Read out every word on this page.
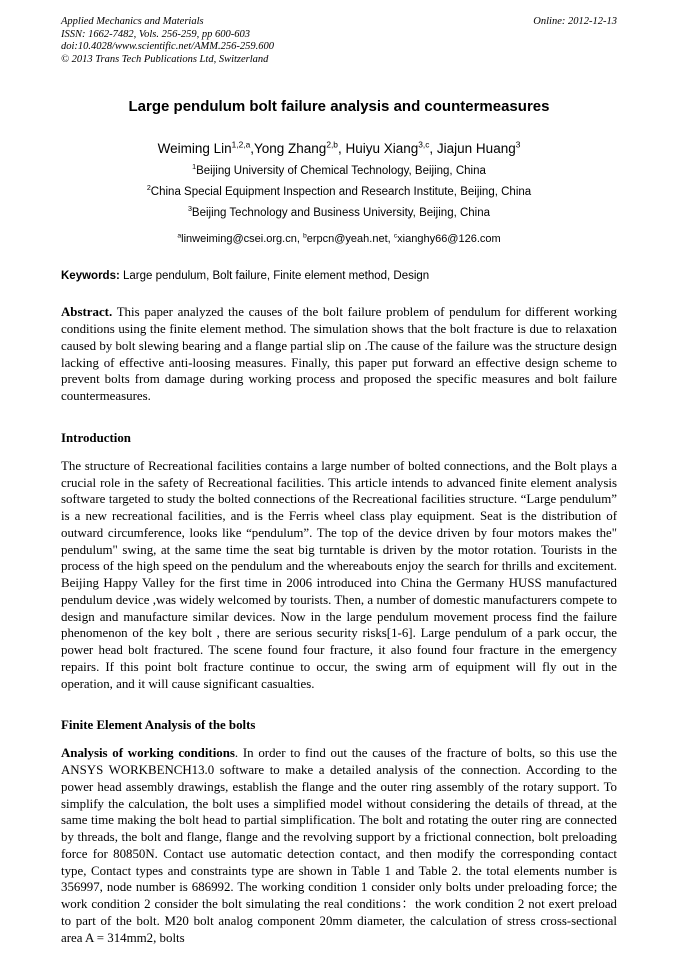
Applied Mechanics and Materials
ISSN: 1662-7482, Vols. 256-259, pp 600-603
doi:10.4028/www.scientific.net/AMM.256-259.600
© 2013 Trans Tech Publications Ltd, Switzerland
Online: 2012-12-13
Large pendulum bolt failure analysis and countermeasures
Weiming Lin$^{1,2,a}$,Yong Zhang$^{2,b}$, Huiyu Xiang$^{3,c}$, Jiajun Huang$^3$
$^1$Beijing University of Chemical Technology, Beijing, China
$^2$China Special Equipment Inspection and Research Institute, Beijing, China
$^3$Beijing Technology and Business University, Beijing, China
$^a$linweiming@csei.org.cn, $^b$erpcn@yeah.net, $^c$xianghy66@126.com

Keywords: Large pendulum, Bolt failure, Finite element method, Design

Abstract. This paper analyzed the causes of the bolt failure problem of pendulum for different working conditions using the finite element method. The simulation shows that the bolt fracture is due to relaxation caused by bolt slewing bearing and a flange partial slip on .The cause of the failure was the structure design lacking of effective anti-loosing measures. Finally, this paper put forward an effective design scheme to prevent bolts from damage during working process and proposed the specific measures and bolt failure countermeasures.

Introduction

The structure of Recreational facilities contains a large number of bolted connections, and the Bolt plays a crucial role in the safety of Recreational facilities. This article intends to advanced finite element analysis software targeted to study the bolted connections of the Recreational facilities structure. “Large pendulum” is a new recreational facilities, and is the Ferris wheel class play equipment. Seat is the distribution of outward circumference, looks like “pendulum”. The top of the device driven by four motors makes the" pendulum" swing, at the same time the seat big turntable is driven by the motor rotation. Tourists in the process of the high speed on the pendulum and the whereabouts enjoy the search for thrills and excitement. Beijing Happy Valley for the first time in 2006 introduced into China the Germany HUSS manufactured pendulum device ,was widely welcomed by tourists. Then, a number of domestic manufacturers compete to design and manufacture similar devices. Now in the large pendulum movement process find the failure phenomenon of the key bolt , there are serious security risks[1-6]. Large pendulum of a park occur, the power head bolt fractured. The scene found four fracture, it also found four fracture in the emergency repairs. If this point bolt fracture continue to occur, the swing arm of equipment will fly out in the operation, and it will cause significant casualties.

Finite Element Analysis of the bolts

Analysis of working conditions. In order to find out the causes of the fracture of bolts, so this use the ANSYS WORKBENCH13.0 software to make a detailed analysis of the connection. According to the power head assembly drawings, establish the flange and the outer ring assembly of the rotary support. To simplify the calculation, the bolt uses a simplified model without considering the details of thread, at the same time making the bolt head to partial simplification. The bolt and rotating the outer ring are connected by threads, the bolt and flange, flange and the revolving support by a frictional connection, bolt preloading force for 80850N. Contact use automatic detection contact, and then modify the corresponding contact type, Contact types and constraints type are shown in Table 1 and Table 2. the total elements number is 356997, node number is 686992. The working condition 1 consider only bolts under preloading force; the work condition 2 consider the bolt simulating the real conditions：the work condition 2 not exert preload to part of the bolt. M20 bolt analog component 20mm diameter, the calculation of stress cross-sectional area A = 314mm2, bolts
